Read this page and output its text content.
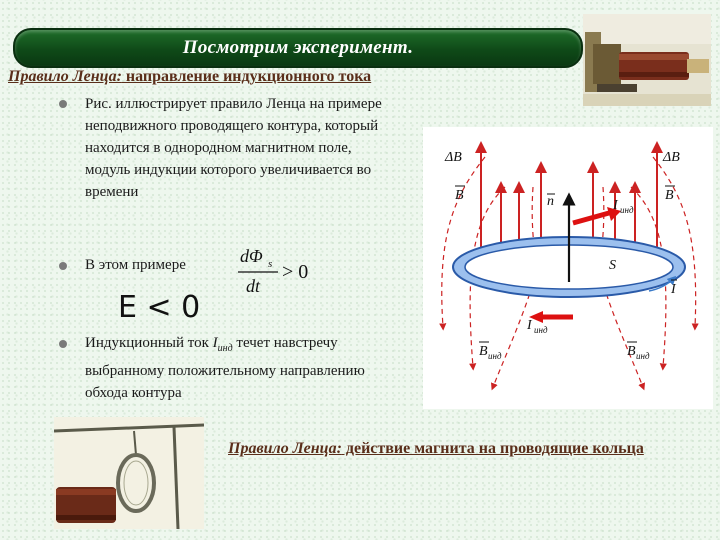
Посмотрим эксперимент.
Правило Ленца: направление индукционного тока
Рис. иллюстрирует правило Ленца на примере неподвижного проводящего контура, который находится в однородном магнитном поле, модуль индукции которого увеличивается во времени
В этом примере	dΦ s
dt
> 0
E < 0
Индукционный ток $I_{инд}$ течет навстречу выбранному положительному направлению обхода контура
ΔB	ΔB
B	B
n	I инд
S
I
I инд
B инд	B инд
Правило Ленца: действие магнита на проводящие кольца
